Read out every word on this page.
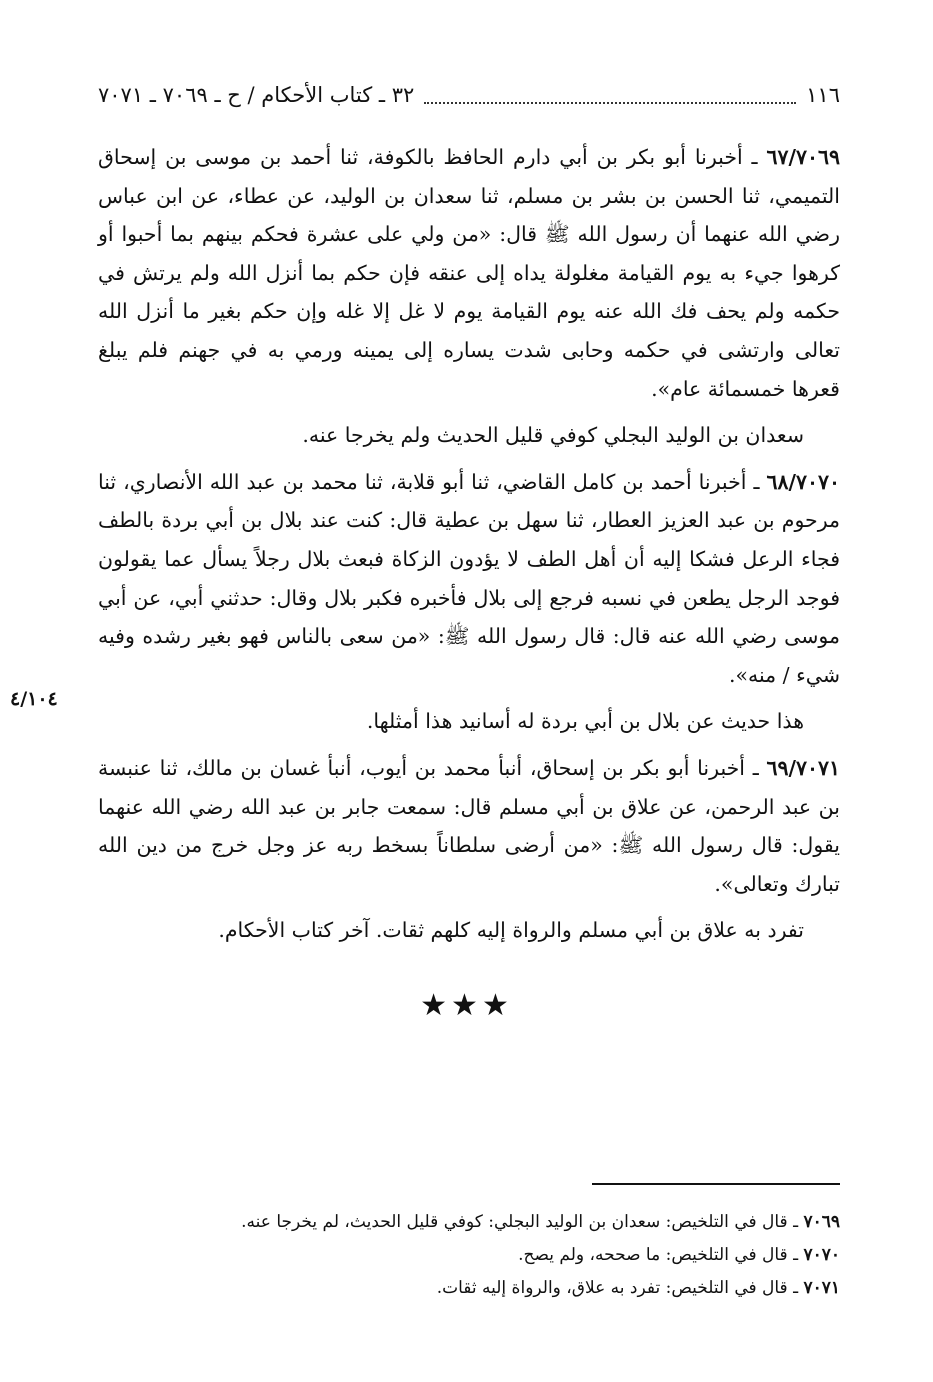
١١٦
٣٢ ـ كتاب الأحكام / ح ـ ٧٠٦٩ ـ ٧٠٧١

٦٧/٧٠٦٩ ـ أخبرنا أبو بكر بن أبي دارم الحافظ بالكوفة، ثنا أحمد بن موسى بن إسحاق التميمي، ثنا الحسن بن بشر بن مسلم، ثنا سعدان بن الوليد، عن عطاء، عن ابن عباس رضي الله عنهما أن رسول الله ﷺ قال: «من ولي على عشرة فحكم بينهم بما أحبوا أو كرهوا جيء به يوم القيامة مغلولة يداه إلى عنقه فإن حكم بما أنزل الله ولم يرتش في حكمه ولم يحف فك الله عنه يوم القيامة يوم لا غل إلا غله وإن حكم بغير ما أنزل الله تعالى وارتشى في حكمه وحابى شدت يساره إلى يمينه ورمي به في جهنم فلم يبلغ قعرها خمسمائة عام».

سعدان بن الوليد البجلي كوفي قليل الحديث ولم يخرجا عنه.

٦٨/٧٠٧٠ ـ أخبرنا أحمد بن كامل القاضي، ثنا أبو قلابة، ثنا محمد بن عبد الله الأنصاري، ثنا مرحوم بن عبد العزيز العطار، ثنا سهل بن عطية قال: كنت عند بلال بن أبي بردة بالطف فجاء الرعل فشكا إليه أن أهل الطف لا يؤدون الزكاة فبعث بلال رجلاً يسأل عما يقولون فوجد الرجل يطعن في نسبه فرجع إلى بلال فأخبره فكبر بلال وقال: حدثني أبي، عن أبي موسى رضي الله عنه قال: قال رسول الله ﷺ: «من سعى بالناس فهو بغير رشده وفيه شيء / منه».

هذا حديث عن بلال بن أبي بردة له أسانيد هذا أمثلها.

٦٩/٧٠٧١ ـ أخبرنا أبو بكر بن إسحاق، أنبأ محمد بن أيوب، أنبأ غسان بن مالك، ثنا عنبسة بن عبد الرحمن، عن علاق بن أبي مسلم قال: سمعت جابر بن عبد الله رضي الله عنهما يقول: قال رسول الله ﷺ: «من أرضى سلطاناً بسخط ربه عز وجل خرج من دين الله تبارك وتعالى».

تفرد به علاق بن أبي مسلم والرواة إليه كلهم ثقات. آخر كتاب الأحكام.

٤/١٠٤
★★★
٧٠٦٩ ـ قال في التلخيص: سعدان بن الوليد البجلي: كوفي قليل الحديث، لم يخرجا عنه.
٧٠٧٠ ـ قال في التلخيص: ما صححه، ولم يصح.
٧٠٧١ ـ قال في التلخيص: تفرد به علاق، والرواة إليه ثقات.
